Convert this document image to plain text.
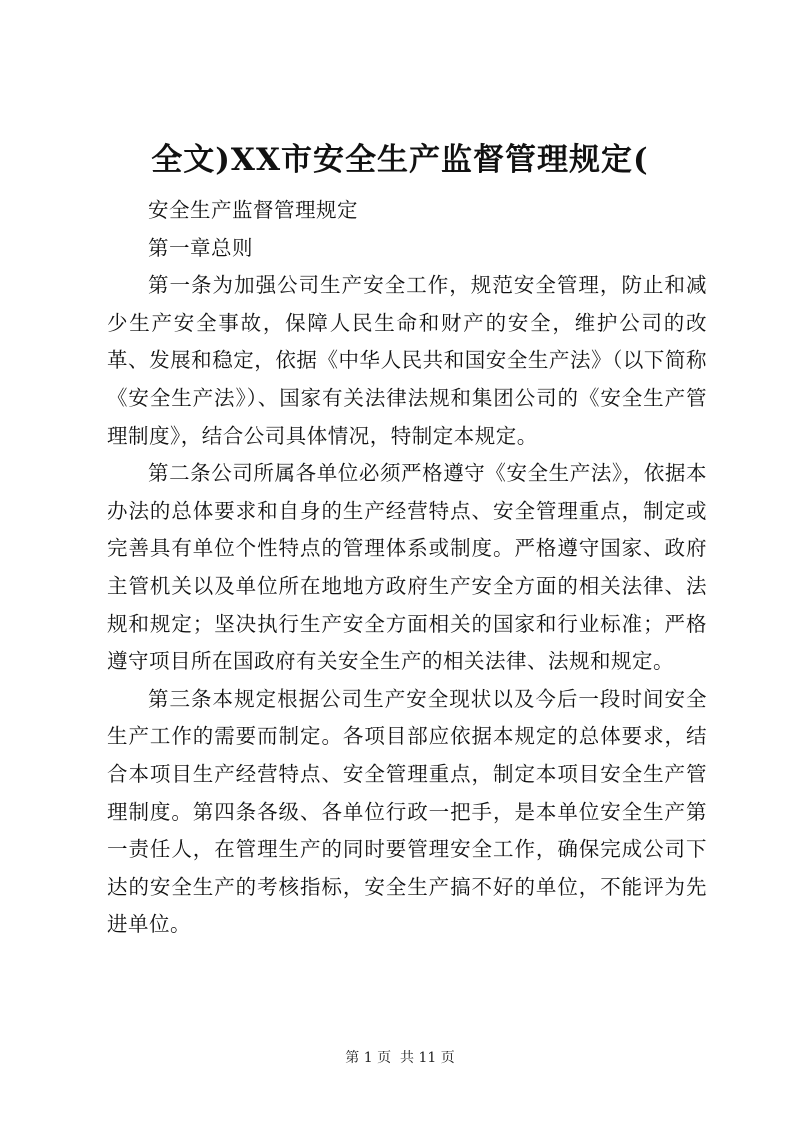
全文)XX市安全生产监督管理规定(

安全生产监督管理规定

第一章总则

第一条为加强公司生产安全工作，规范安全管理，防止和减少生产安全事故，保障人民生命和财产的安全，维护公司的改革、发展和稳定，依据《中华人民共和国安全生产法》（以下简称《安全生产法》）、国家有关法律法规和集团公司的《安全生产管理制度》，结合公司具体情况，特制定本规定。

第二条公司所属各单位必须严格遵守《安全生产法》，依据本办法的总体要求和自身的生产经营特点、安全管理重点，制定或完善具有单位个性特点的管理体系或制度。严格遵守国家、政府主管机关以及单位所在地地方政府生产安全方面的相关法律、法规和规定；坚决执行生产安全方面相关的国家和行业标准；严格遵守项目所在国政府有关安全生产的相关法律、法规和规定。

第三条本规定根据公司生产安全现状以及今后一段时间安全生产工作的需要而制定。各项目部应依据本规定的总体要求，结合本项目生产经营特点、安全管理重点，制定本项目安全生产管理制度。第四条各级、各单位行政一把手，是本单位安全生产第一责任人，在管理生产的同时要管理安全工作，确保完成公司下达的安全生产的考核指标，安全生产搞不好的单位，不能评为先进单位。

第 1 页  共 11 页
